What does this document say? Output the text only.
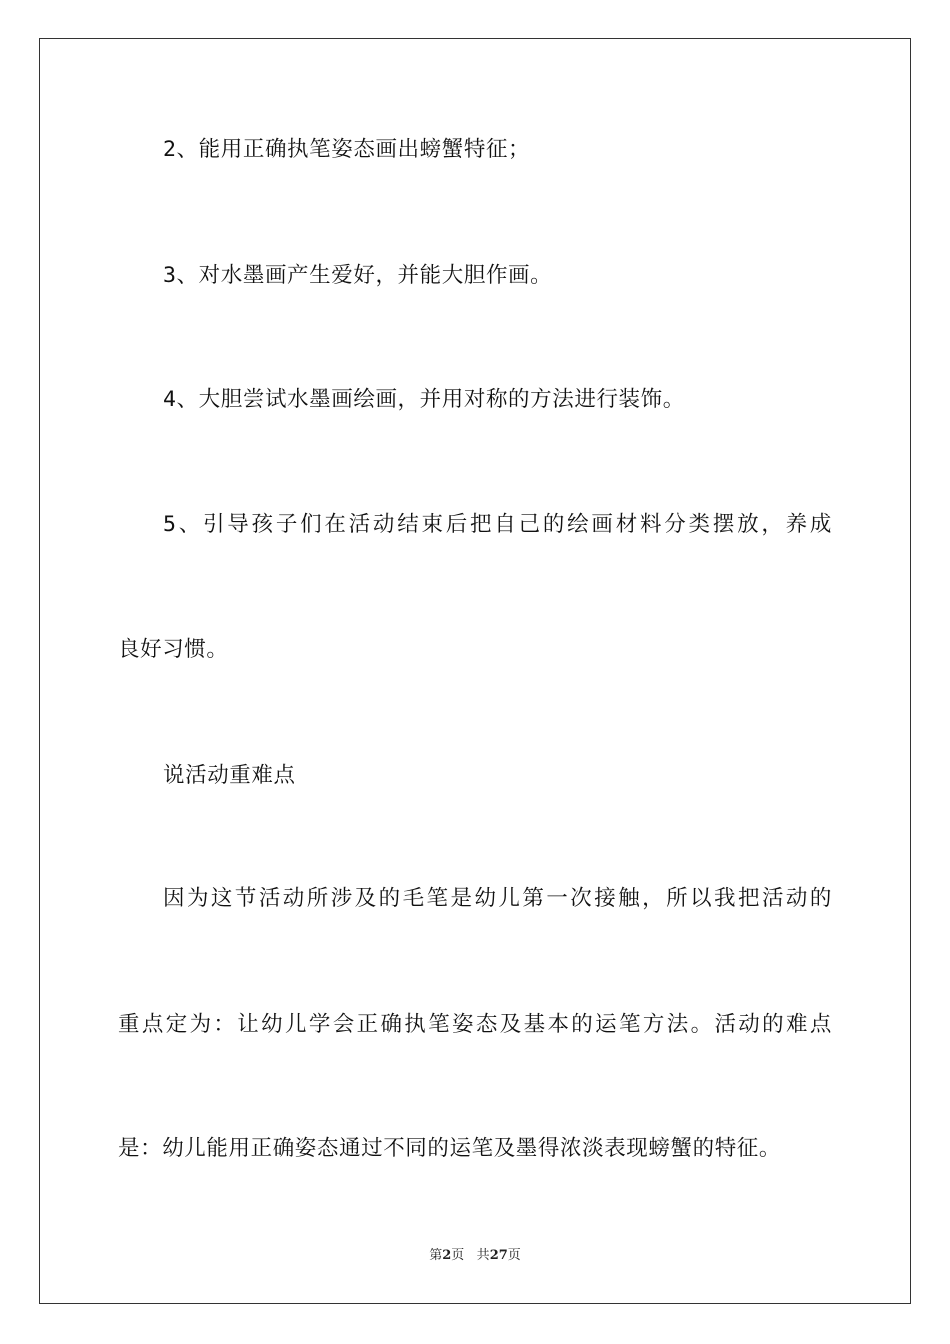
2、能用正确执笔姿态画出螃蟹特征；
3、对水墨画产生爱好，并能大胆作画。
4、大胆尝试水墨画绘画，并用对称的方法进行装饰。
5、引导孩子们在活动结束后把自己的绘画材料分类摆放，养成
良好习惯。
说活动重难点
因为这节活动所涉及的毛笔是幼儿第一次接触，所以我把活动的
重点定为：让幼儿学会正确执笔姿态及基本的运笔方法。活动的难点
是：幼儿能用正确姿态通过不同的运笔及墨得浓淡表现螃蟹的特征。
第2页 共27页
